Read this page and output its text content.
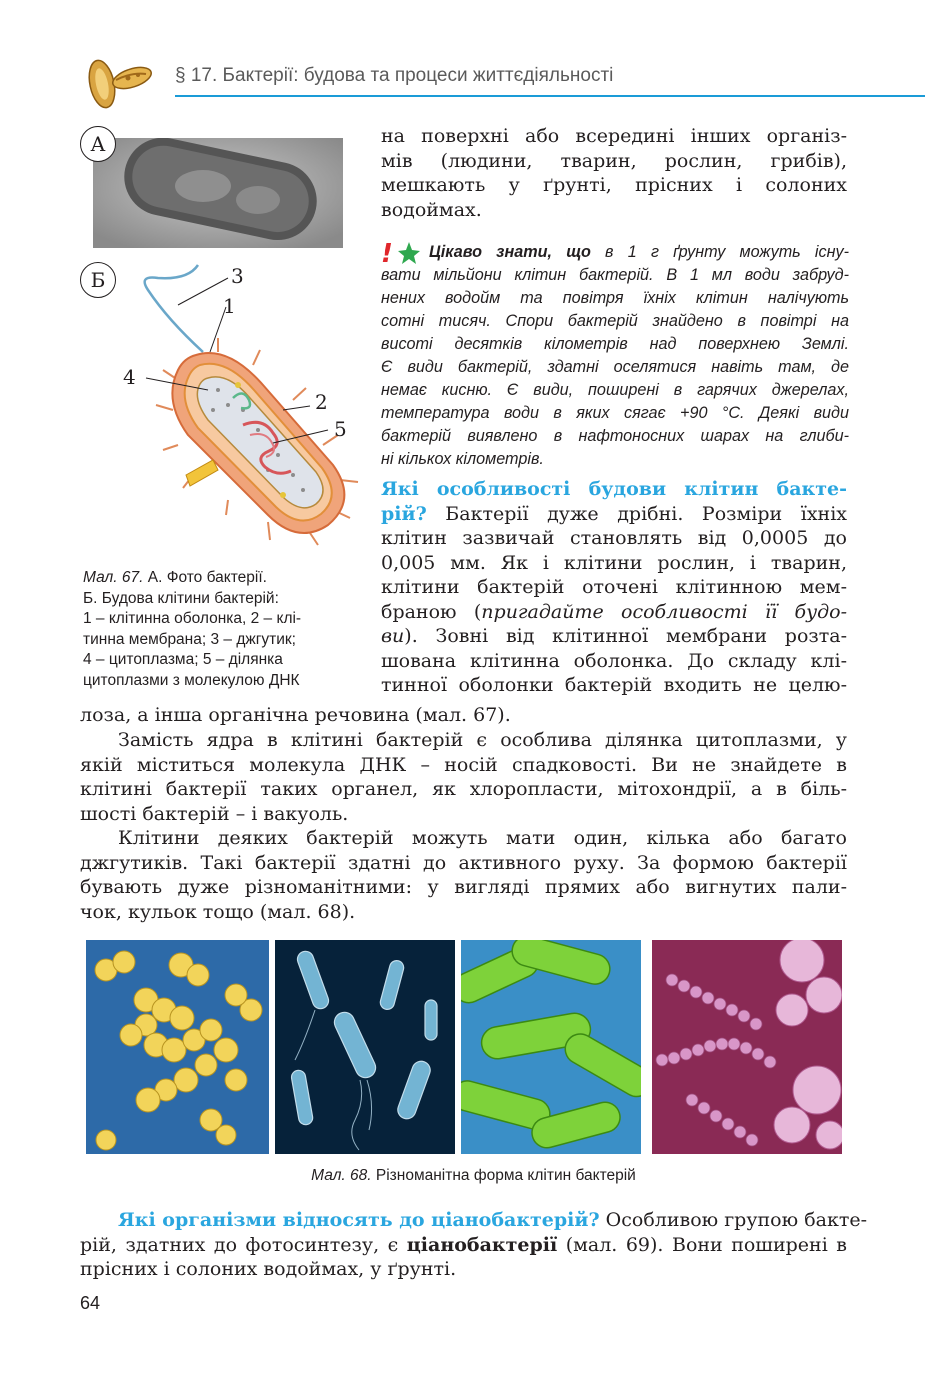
§ 17. Бактерії: будова та процеси життєдіяльності
А
Б	3
1
4
2
5
Мал. 67. А. Фото бактерії.
Б. Будова клітини бактерій:
1 – клітинна оболонка, 2 – клі-
тинна мембрана; 3 – джгутик;
4 – цитоплазма; 5 – ділянка
цитоплазми з молекулою ДНК
на поверхні або всередині інших організ-
мів (людини, тварин, рослин, грибів),
мешкають у ґрунті, прісних і солоних
водоймах.
Цікаво знати, що в 1 г ґрунту можуть існу-
вати мільйони клітин бактерій. В 1 мл води забруд-
нених водойм та повітря їхніх клітин налічують
сотні тисяч. Спори бактерій знайдено в повітрі на
висоті десятків кілометрів над поверхнею Землі.
Є види бактерій, здатні оселятися навіть там, де
немає кисню. Є види, поширені в гарячих джерелах,
температура води в яких сягає +90 °С. Деякі види
бактерій виявлено в нафтоносних шарах на глиби-
ні кількох кілометрів.
!
Які особливості будови клітин бакте-
рій? Бактерії дуже дрібні. Розміри їхніх
клітин зазвичай становлять від 0,0005 до
0,005 мм. Як і клітини рослин, і тварин,
клітини бактерій оточені клітинною мем-
браною (пригадайте особливості її будо-
ви). Зовні від клітинної мембрани розта-
шована клітинна оболонка. До складу клі-
тинної оболонки бактерій входить не целю-
лоза, а інша органічна речовина (мал. 67).
Замість ядра в клітині бактерій є особлива ділянка цитоплазми, у
якій міститься молекула ДНК – носій спадковості. Ви не знайдете в
клітині бактерії таких органел, як хлоропласти, мітохондрії, а в біль-
шості бактерій – і вакуоль.
Клітини деяких бактерій можуть мати один, кілька або багато
джгутиків. Такі бактерії здатні до активного руху. За формою бактерії
бувають дуже різноманітними: у вигляді прямих або вигнутих пали-
чок, кульок тощо (мал. 68).
Мал. 68. Різноманітна форма клітин бактерій
Які організми відносять до ціанобактерій? Особливою групою бакте-
рій, здатних до фотосинтезу, є ціанобактерії (мал. 69). Вони поширені в
прісних і солоних водоймах, у ґрунті.
64
